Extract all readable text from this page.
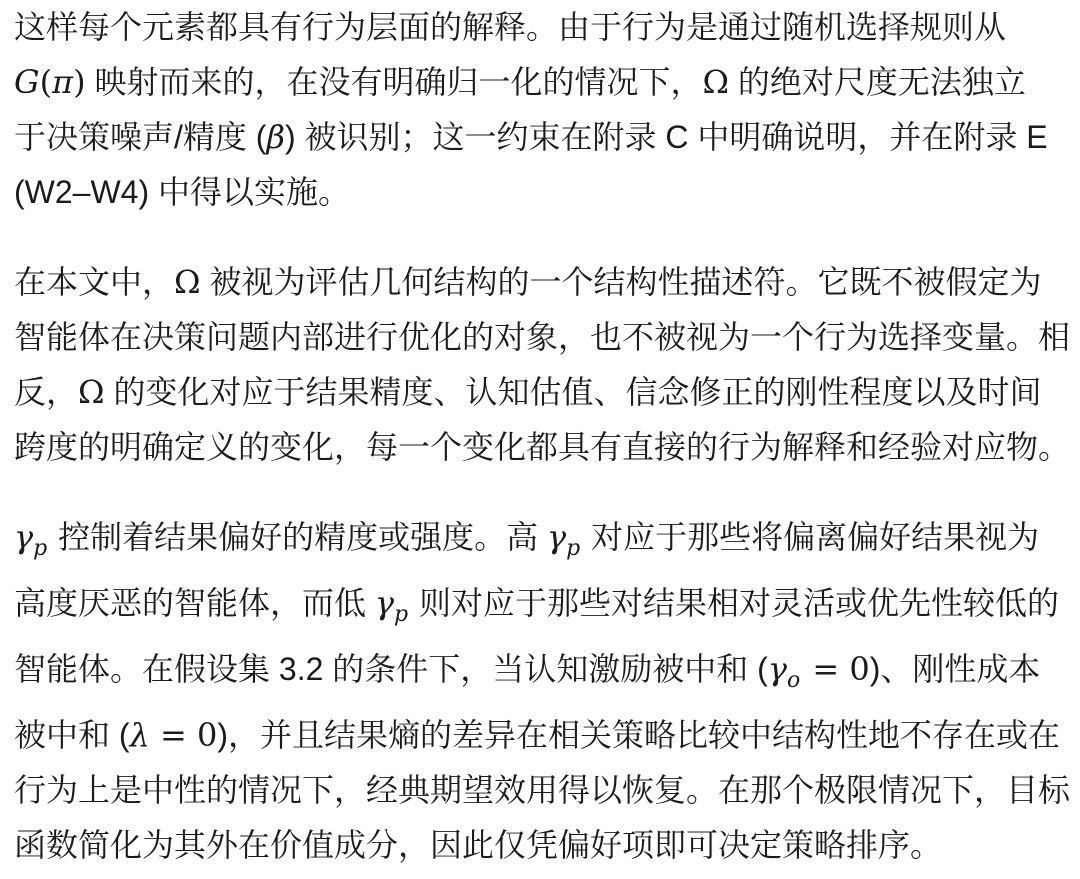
这样每个元素都具有行为层面的解释。由于行为是通过随机选择规则从
G(π) 映射而来的，在没有明确归一化的情况下，Ω 的绝对尺度无法独立
于决策噪声/精度 (β) 被识别；这一约束在附录 C 中明确说明，并在附录 E
(W2–W4) 中得以实施。
在本文中，Ω 被视为评估几何结构的一个结构性描述符。它既不被假定为
智能体在决策问题内部进行优化的对象，也不被视为一个行为选择变量。相
反，Ω 的变化对应于结果精度、认知估值、信念修正的刚性程度以及时间
跨度的明确定义的变化，每一个变化都具有直接的行为解释和经验对应物。
$\gamma_p$ 控制着结果偏好的精度或强度。高 $\gamma_p$ 对应于那些将偏离偏好结果视为
高度厌恶的智能体，而低 $\gamma_p$ 则对应于那些对结果相对灵活或优先性较低的
智能体。在假设集 3.2 的条件下，当认知激励被中和 $(\gamma_o = 0)$、刚性成本
被中和 (λ = 0)，并且结果熵的差异在相关策略比较中结构性地不存在或在
行为上是中性的情况下，经典期望效用得以恢复。在那个极限情况下，目标
函数简化为其外在价值成分，因此仅凭偏好项即可决定策略排序。
